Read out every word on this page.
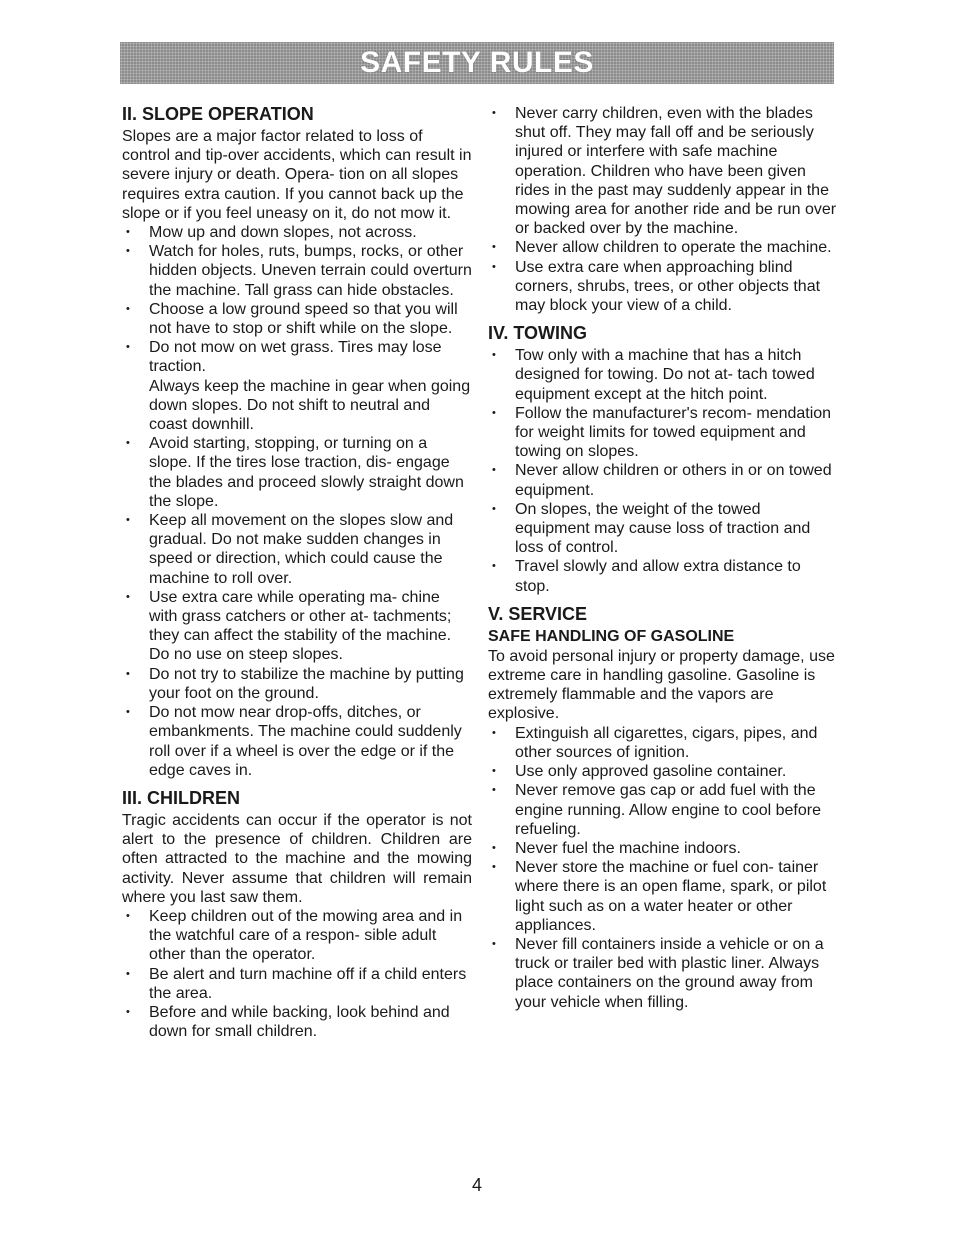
SAFETY RULES
II. SLOPE OPERATION

Slopes are a major factor related to loss of control and tip-over accidents, which can result in severe injury or death. Opera- tion on all slopes requires extra caution. If you cannot back up the slope or if you feel uneasy on it, do not mow it.

• Mow up and down slopes, not across.
• Watch for holes, ruts, bumps, rocks, or other hidden objects. Uneven terrain could overturn the machine. Tall grass can hide obstacles.
• Choose a low ground speed so that you will not have to stop or shift while on the slope.
• Do not mow on wet grass. Tires may lose traction.
Always keep the machine in gear when going down slopes. Do not shift to neutral and coast downhill.
• Avoid starting, stopping, or turning on a slope. If the tires lose traction, dis- engage the blades and proceed slowly straight down the slope.
• Keep all movement on the slopes slow and gradual. Do not make sudden changes in speed or direction, which could cause the machine to roll over.
• Use extra care while operating ma- chine with grass catchers or other at- tachments; they can affect the stability of the machine. Do no use on steep slopes.
• Do not try to stabilize the machine by putting your foot on the ground.
• Do not mow near drop-offs, ditches, or embankments. The machine could suddenly roll over if a wheel is over the edge or if the edge caves in.
III. CHILDREN

Tragic accidents can occur if the operator is not alert to the presence of children. Children are often attracted to the machine and the mowing activity. Never assume that children will remain where you last saw them.

• Keep children out of the mowing area and in the watchful care of a respon- sible adult other than the operator.
• Be alert and turn machine off if a child enters the area.
• Before and while backing, look behind and down for small children.
• Never carry children, even with the blades shut off. They may fall off and be seriously injured or interfere with safe machine operation. Children who have been given rides in the past may suddenly appear in the mowing area for another ride and be run over or backed over by the machine.
• Never allow children to operate the machine.
• Use extra care when approaching blind corners, shrubs, trees, or other objects that may block your view of a child.
IV. TOWING
• Tow only with a machine that has a hitch designed for towing. Do not at- tach towed equipment except at the hitch point.
• Follow the manufacturer's recom- mendation for weight limits for towed equipment and towing on slopes.
• Never allow children or others in or on towed equipment.
• On slopes, the weight of the towed equipment may cause loss of traction and loss of control.
• Travel slowly and allow extra distance to stop.
V. SERVICE
SAFE HANDLING OF GASOLINE

To avoid personal injury or property damage, use extreme care in handling gasoline. Gasoline is extremely flammable and the vapors are explosive.

• Extinguish all cigarettes, cigars, pipes, and other sources of ignition.
• Use only approved gasoline container.
• Never remove gas cap or add fuel with the engine running. Allow engine to cool before refueling.
• Never fuel the machine indoors.
• Never store the machine or fuel con- tainer where there is an open flame, spark, or pilot light such as on a water heater or other appliances.
• Never fill containers inside a vehicle or on a truck or trailer bed with plastic liner. Always place containers on the ground away from your vehicle when filling.
4
